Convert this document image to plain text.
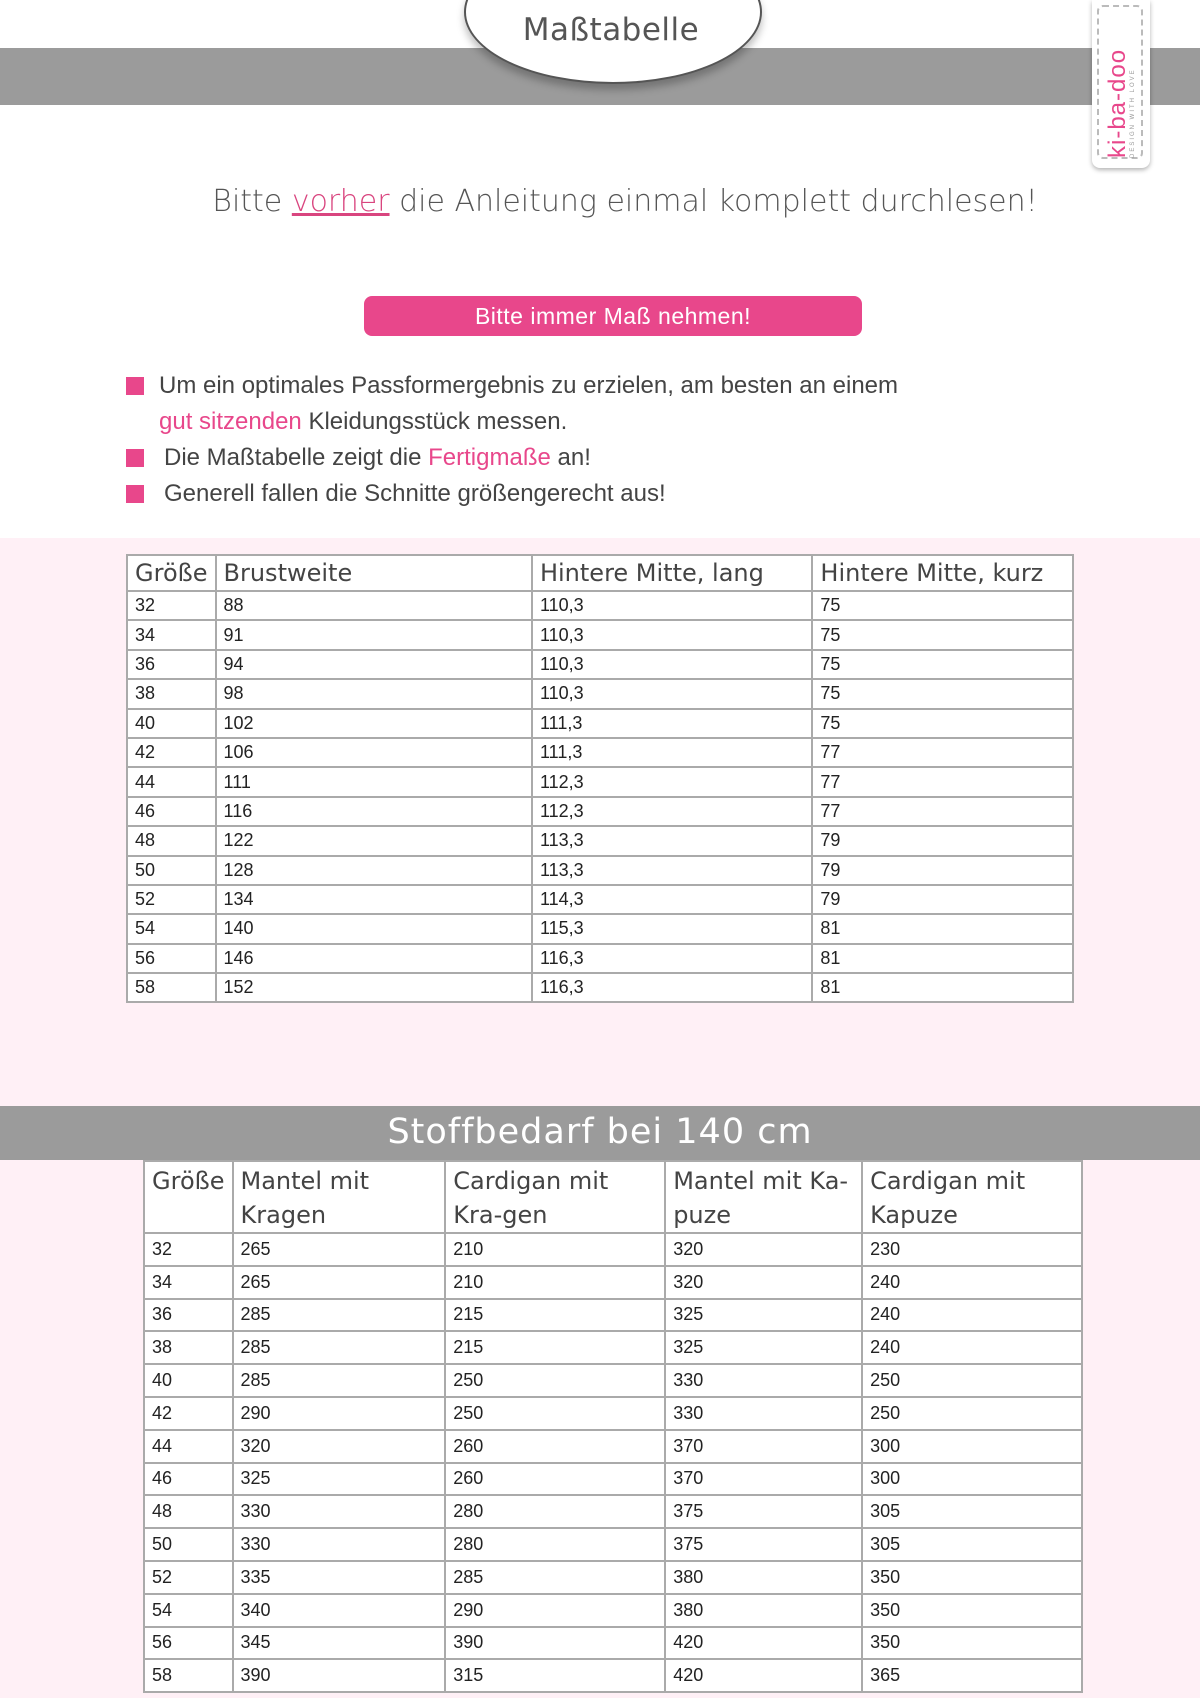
Maßtabelle
ki-ba-doo DESIGN WITH LOVE
Bitte vorher die Anleitung einmal komplett durchlesen!
Bitte immer Maß nehmen!
Um ein optimales Passformergebnis zu erzielen, am besten an einem
gut sitzenden Kleidungsstück messen.
Die Maßtabelle zeigt die Fertigmaße an!
Generell fallen die Schnitte größengerecht aus!
Größe	Brustweite	Hintere Mitte, lang	Hintere Mitte, kurz
32	88	110,3	75
34	91	110,3	75
36	94	110,3	75
38	98	110,3	75
40	102	111,3	75
42	106	111,3	77
44	111	112,3	77
46	116	112,3	77
48	122	113,3	79
50	128	113,3	79
52	134	114,3	79
54	140	115,3	81
56	146	116,3	81
58	152	116,3	81
Stoffbedarf bei 140 cm
Größe	Mantel mit Kragen	Cardigan mit Kra-gen	Mantel mit Ka-puze	Cardigan mit Kapuze
32	265	210	320	230
34	265	210	320	240
36	285	215	325	240
38	285	215	325	240
40	285	250	330	250
42	290	250	330	250
44	320	260	370	300
46	325	260	370	300
48	330	280	375	305
50	330	280	375	305
52	335	285	380	350
54	340	290	380	350
56	345	390	420	350
58	390	315	420	365
